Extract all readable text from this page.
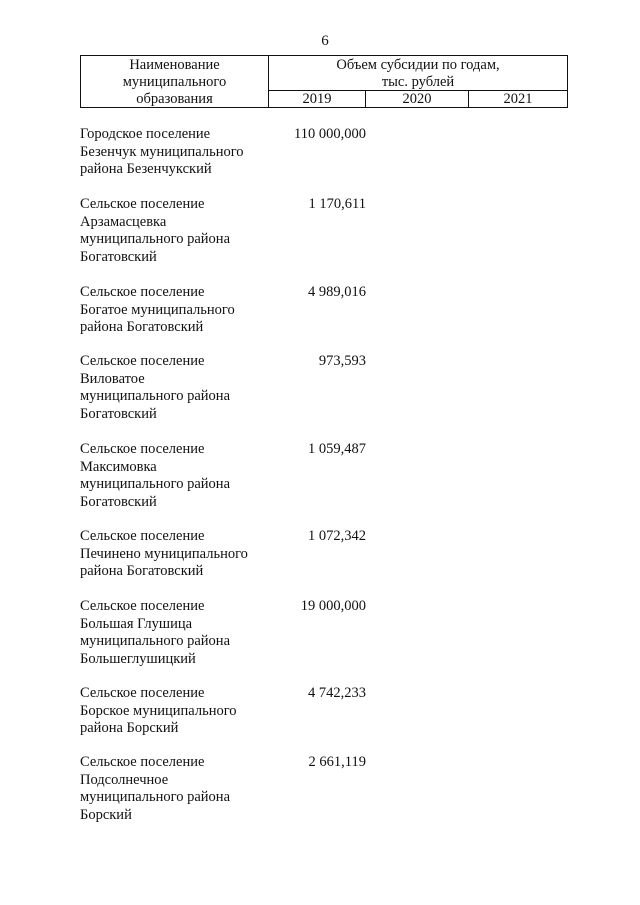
6
Наименование
муниципального
образования
Объем субсидии по годам,
тыс. рублей
2019	2020	2021
Городское поселение
Безенчук муниципального
района Безенчукский
110 000,000
Сельское поселение
Арзамасцевка
муниципального района
Богатовский
1 170,611
Сельское поселение
Богатое муниципального
района Богатовский
4 989,016
Сельское поселение
Виловатое
муниципального района
Богатовский
973,593
Сельское поселение
Максимовка
муниципального района
Богатовский
1 059,487
Сельское поселение
Печинено муниципального
района Богатовский
1 072,342
Сельское поселение
Большая Глушица
муниципального района
Большеглушицкий
19 000,000
Сельское поселение
Борское муниципального
района Борский
4 742,233
Сельское поселение
Подсолнечное
муниципального района
Борский
2 661,119
